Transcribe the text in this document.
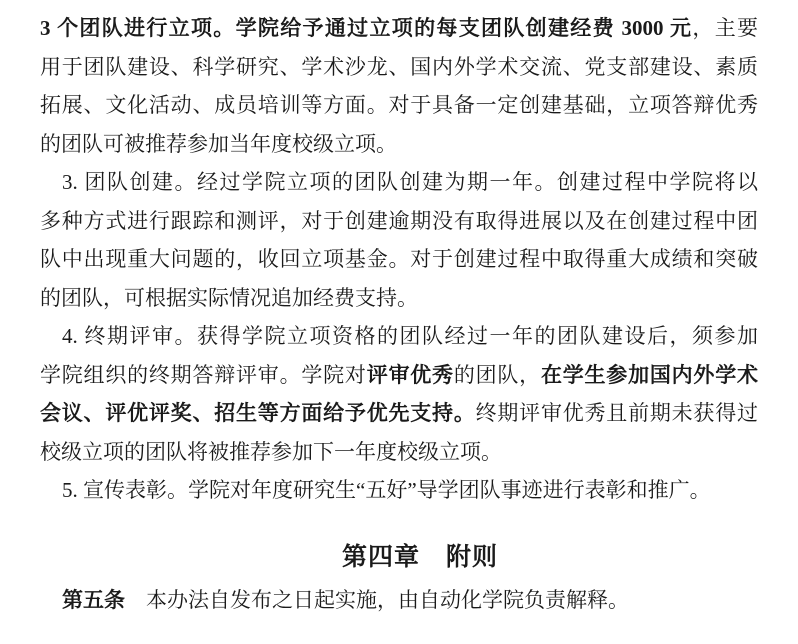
3 个团队进行立项。学院给予通过立项的每支团队创建经费 3000 元，主要
用于团队建设、科学研究、学术沙龙、国内外学术交流、党支部建设、素质
拓展、文化活动、成员培训等方面。对于具备一定创建基础，立项答辩优秀
的团队可被推荐参加当年度校级立项。
3. 团队创建。经过学院立项的团队创建为期一年。创建过程中学院将以
多种方式进行跟踪和测评，对于创建逾期没有取得进展以及在创建过程中团
队中出现重大问题的，收回立项基金。对于创建过程中取得重大成绩和突破
的团队，可根据实际情况追加经费支持。
4. 终期评审。获得学院立项资格的团队经过一年的团队建设后，须参加
学院组织的终期答辩评审。学院对评审优秀的团队，在学生参加国内外学术
会议、评优评奖、招生等方面给予优先支持。终期评审优秀且前期未获得过
校级立项的团队将被推荐参加下一年度校级立项。
5. 宣传表彰。学院对年度研究生“五好”导学团队事迹进行表彰和推广。
第四章　附则
第五条　本办法自发布之日起实施，由自动化学院负责解释。
